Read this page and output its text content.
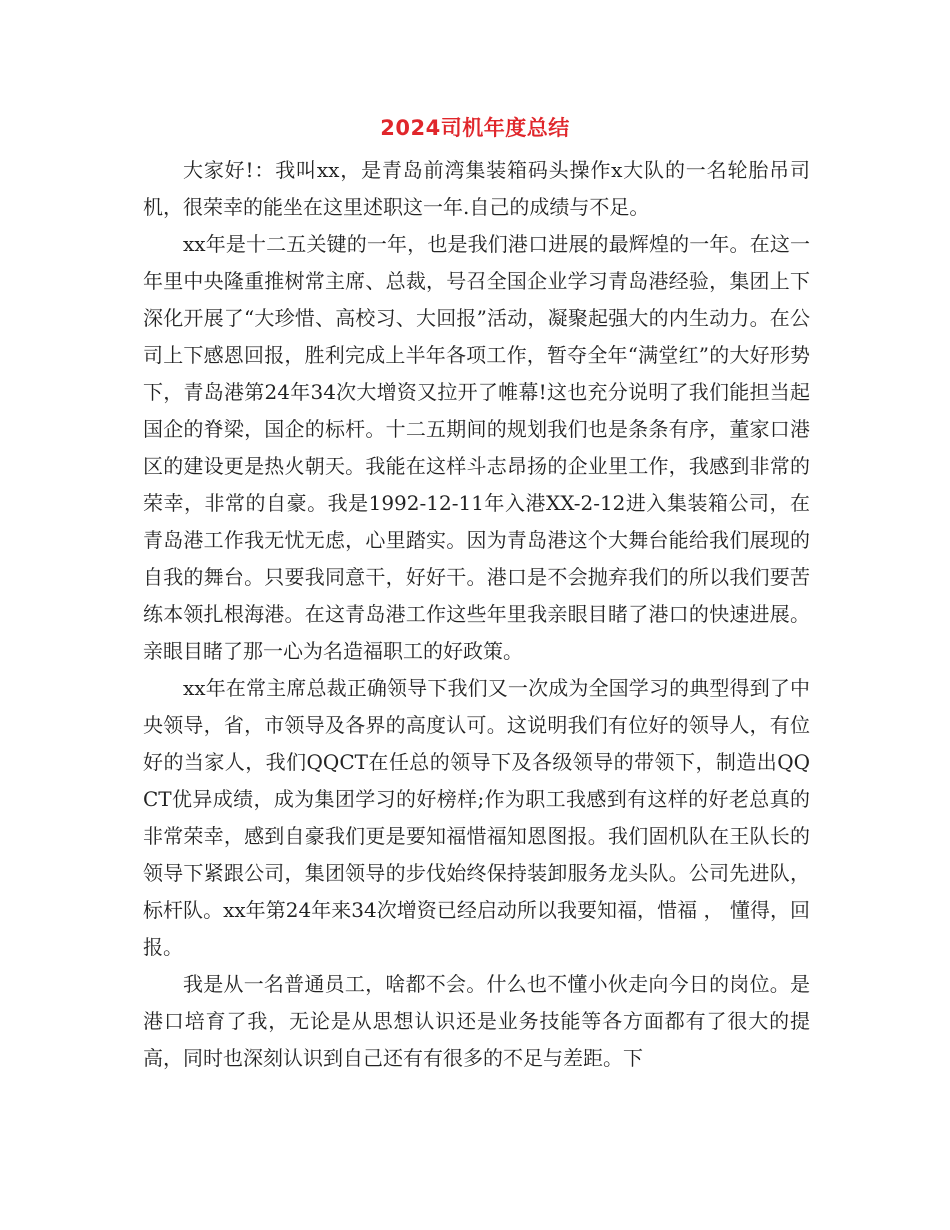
2024司机年度总结

大家好!：我叫xx，是青岛前湾集装箱码头操作x大队的一名轮胎吊司机，很荣幸的能坐在这里述职这一年.自己的成绩与不足。

xx年是十二五关键的一年，也是我们港口进展的最辉煌的一年。在这一年里中央隆重推树常主席、总裁，号召全国企业学习青岛港经验，集团上下深化开展了“大珍惜、高校习、大回报”活动，凝聚起强大的内生动力。在公司上下感恩回报，胜利完成上半年各项工作，暂夺全年“满堂红”的大好形势下，青岛港第24年34次大增资又拉开了帷幕!这也充分说明了我们能担当起国企的脊梁，国企的标杆。十二五期间的规划我们也是条条有序，董家口港区的建设更是热火朝天。我能在这样斗志昂扬的企业里工作，我感到非常的荣幸，非常的自豪。我是1992-12-11年入港XX-2-12进入集装箱公司，在青岛港工作我无忧无虑，心里踏实。因为青岛港这个大舞台能给我们展现的自我的舞台。只要我同意干，好好干。港口是不会抛弃我们的所以我们要苦练本领扎根海港。在这青岛港工作这些年里我亲眼目睹了港口的快速进展。亲眼目睹了那一心为名造福职工的好政策。

xx年在常主席总裁正确领导下我们又一次成为全国学习的典型得到了中央领导，省，市领导及各界的高度认可。这说明我们有位好的领导人，有位好的当家人，我们QQCT在任总的领导下及各级领导的带领下，制造出QQCT优异成绩，成为集团学习的好榜样;作为职工我感到有这样的好老总真的非常荣幸，感到自豪我们更是要知福惜福知恩图报。我们固机队在王队长的领导下紧跟公司，集团领导的步伐始终保持装卸服务龙头队。公司先进队，标杆队。xx年第24年来34次增资已经启动所以我要知福，惜福 ， 懂得，回报。

我是从一名普通员工，啥都不会。什么也不懂小伙走向今日的岗位。是港口培育了我，无论是从思想认识还是业务技能等各方面都有了很大的提高，同时也深刻认识到自己还有有很多的不足与差距。下
